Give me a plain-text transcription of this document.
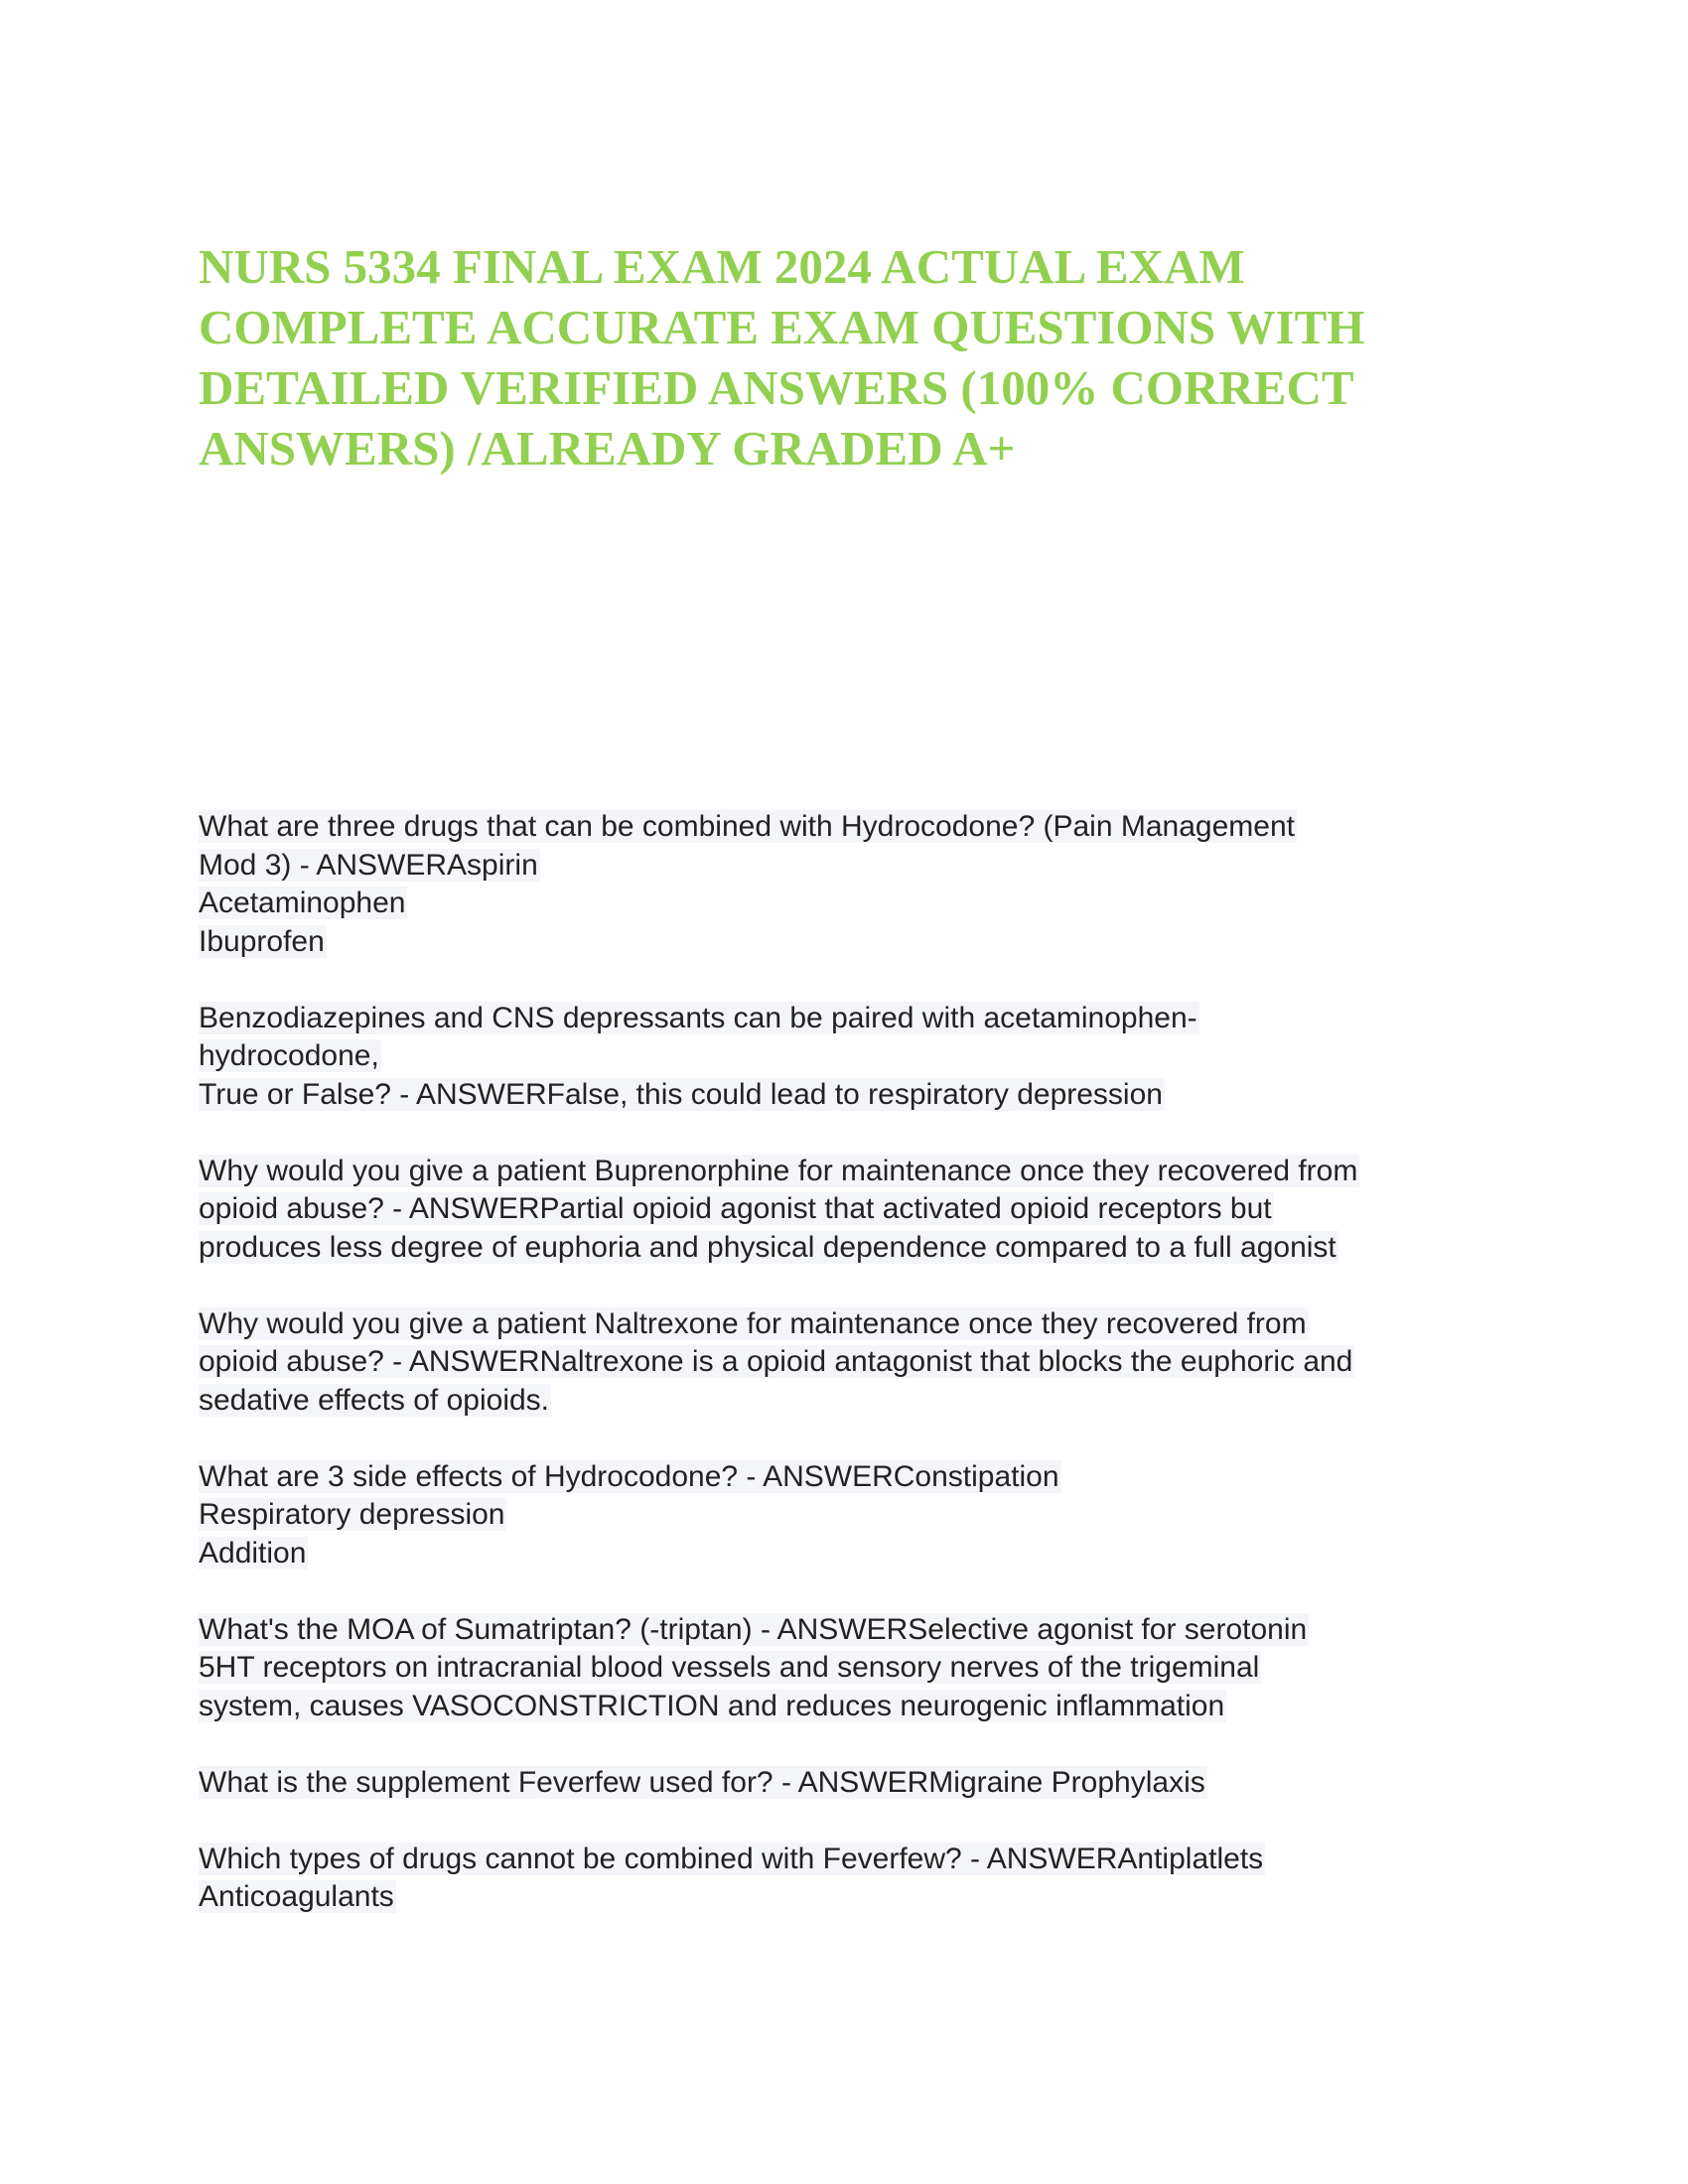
NURS 5334 FINAL EXAM 2024 ACTUAL EXAM
COMPLETE ACCURATE EXAM QUESTIONS WITH
DETAILED VERIFIED ANSWERS (100% CORRECT
ANSWERS) /ALREADY GRADED A+
What are three drugs that can be combined with Hydrocodone? (Pain Management
Mod 3) - ANSWERAspirin
Acetaminophen
Ibuprofen
Benzodiazepines and CNS depressants can be paired with acetaminophen-
hydrocodone,
True or False? - ANSWERFalse, this could lead to respiratory depression
Why would you give a patient Buprenorphine for maintenance once they recovered from
opioid abuse? - ANSWERPartial opioid agonist that activated opioid receptors but
produces less degree of euphoria and physical dependence compared to a full agonist
Why would you give a patient Naltrexone for maintenance once they recovered from
opioid abuse? - ANSWERNaltrexone is a opioid antagonist that blocks the euphoric and
sedative effects of opioids.
What are 3 side effects of Hydrocodone? - ANSWERConstipation
Respiratory depression
Addition
What's the MOA of Sumatriptan? (-triptan) - ANSWERSelective agonist for serotonin
5HT receptors on intracranial blood vessels and sensory nerves of the trigeminal
system, causes VASOCONSTRICTION and reduces neurogenic inflammation
What is the supplement Feverfew used for? - ANSWERMigraine Prophylaxis
Which types of drugs cannot be combined with Feverfew? - ANSWERAntiplatlets
Anticoagulants
